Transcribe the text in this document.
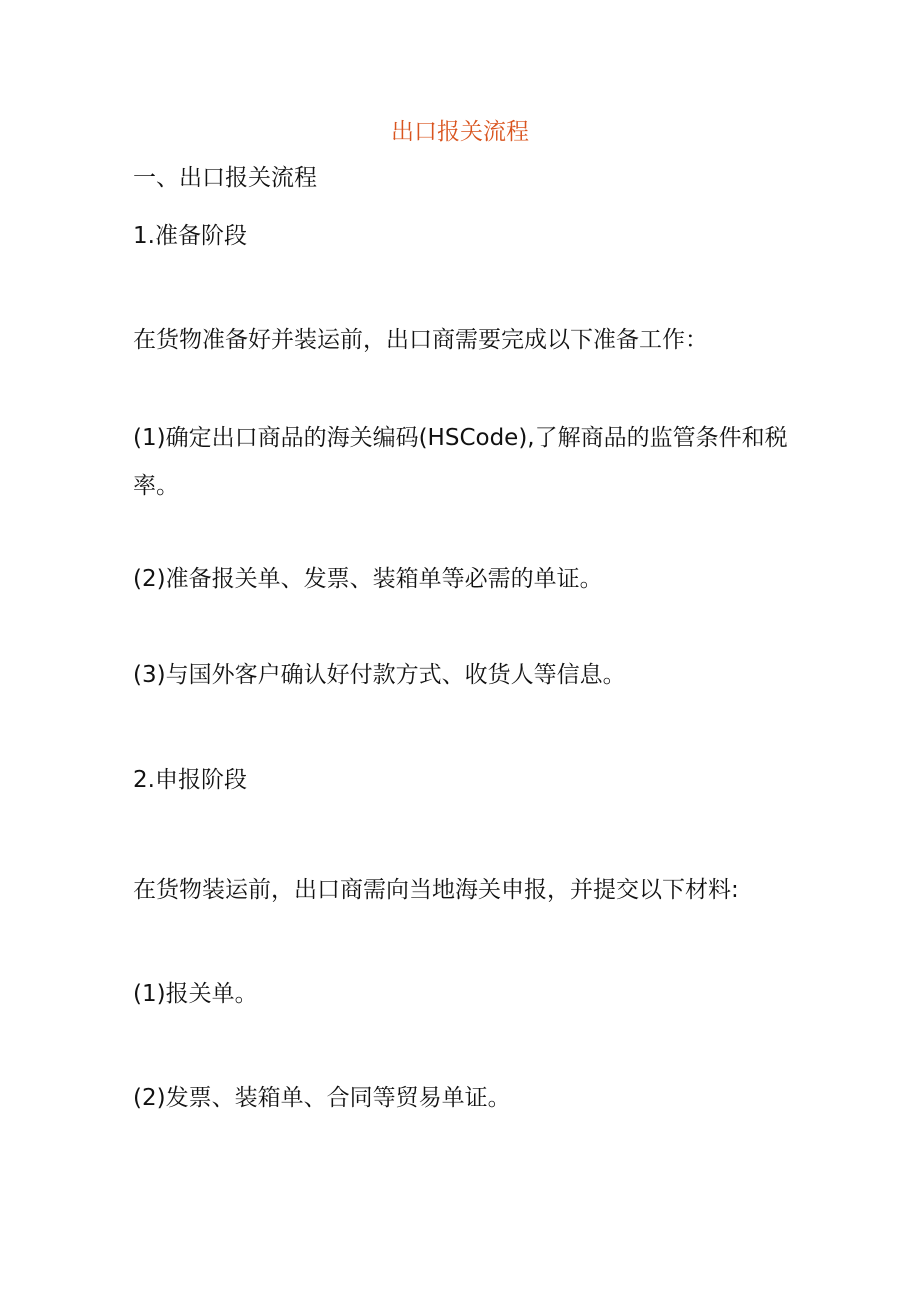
出口报关流程
一、出口报关流程
1.准备阶段
在货物准备好并装运前，出口商需要完成以下准备工作：
(1)确定出口商品的海关编码(HSCode),了解商品的监管条件和税率。
(2)准备报关单、发票、装箱单等必需的单证。
(3)与国外客户确认好付款方式、收货人等信息。
2.申报阶段
在货物装运前，出口商需向当地海关申报，并提交以下材料:
(1)报关单。
(2)发票、装箱单、合同等贸易单证。
